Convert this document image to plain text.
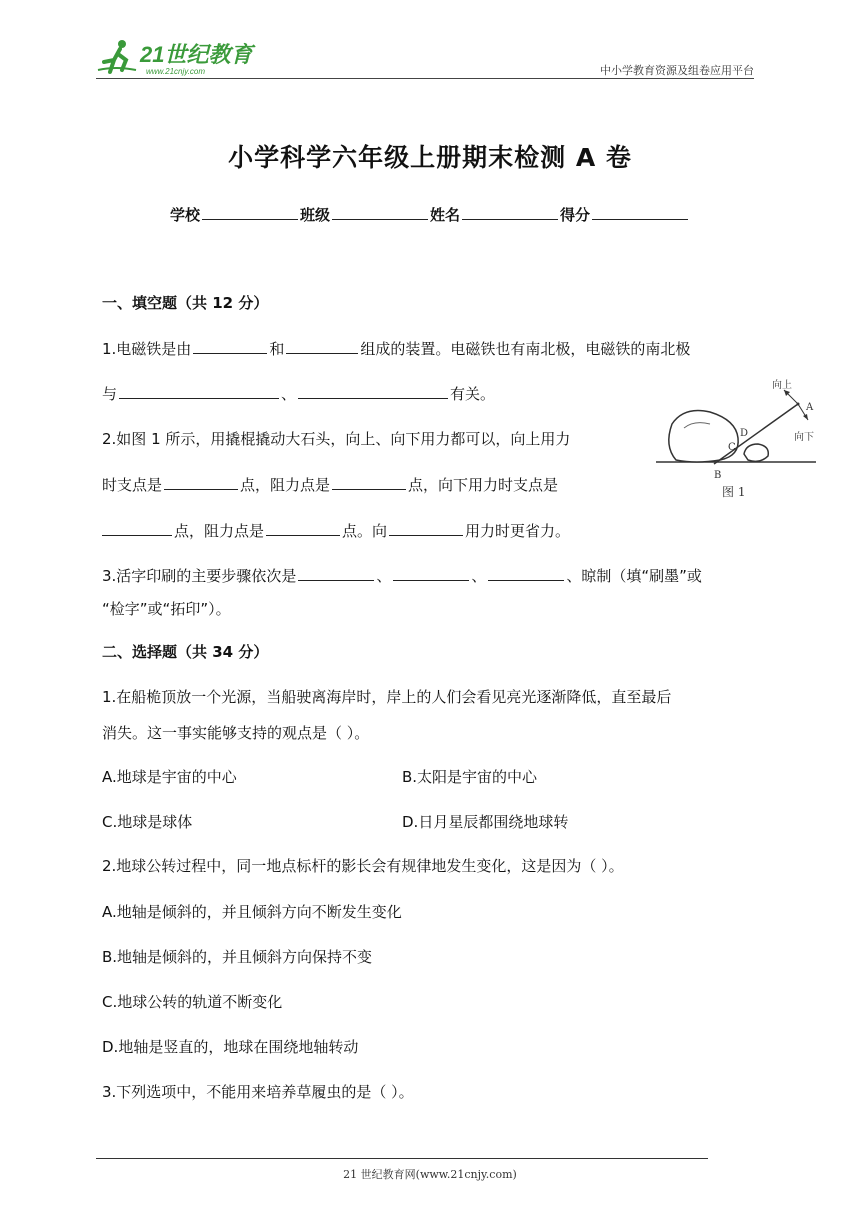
21世纪教育
www.21cnjy.com	中小学教育资源及组卷应用平台
小学科学六年级上册期末检测 A 卷
学校	班级	姓名	得分
一、填空题（共 12 分）
1.电磁铁是由	和	组成的装置。电磁铁也有南北极，电磁铁的南北极
与	、	有关。
2.如图 1 所示，用撬棍撬动大石头，向上、向下用力都可以，向上用力
时支点是	点，阻力点是	点，向下用力时支点是
点，阻力点是	点。向	用力时更省力。
向上
A
向下
D
C
B
图 1
3.活字印刷的主要步骤依次是	、	、	、晾制（填“刷墨”或
“检字”或“拓印”）。
二、选择题（共 34 分）
1.在船桅顶放一个光源，当船驶离海岸时，岸上的人们会看见亮光逐渐降低，直至最后
消失。这一事实能够支持的观点是（ ）。
A.地球是宇宙的中心	B.太阳是宇宙的中心
C.地球是球体	D.日月星辰都围绕地球转
2.地球公转过程中，同一地点标杆的影长会有规律地发生变化，这是因为（ ）。
A.地轴是倾斜的，并且倾斜方向不断发生变化
B.地轴是倾斜的，并且倾斜方向保持不变
C.地球公转的轨道不断变化
D.地轴是竖直的，地球在围绕地轴转动
3.下列选项中，不能用来培养草履虫的是（ ）。
21 世纪教育网(www.21cnjy.com)
